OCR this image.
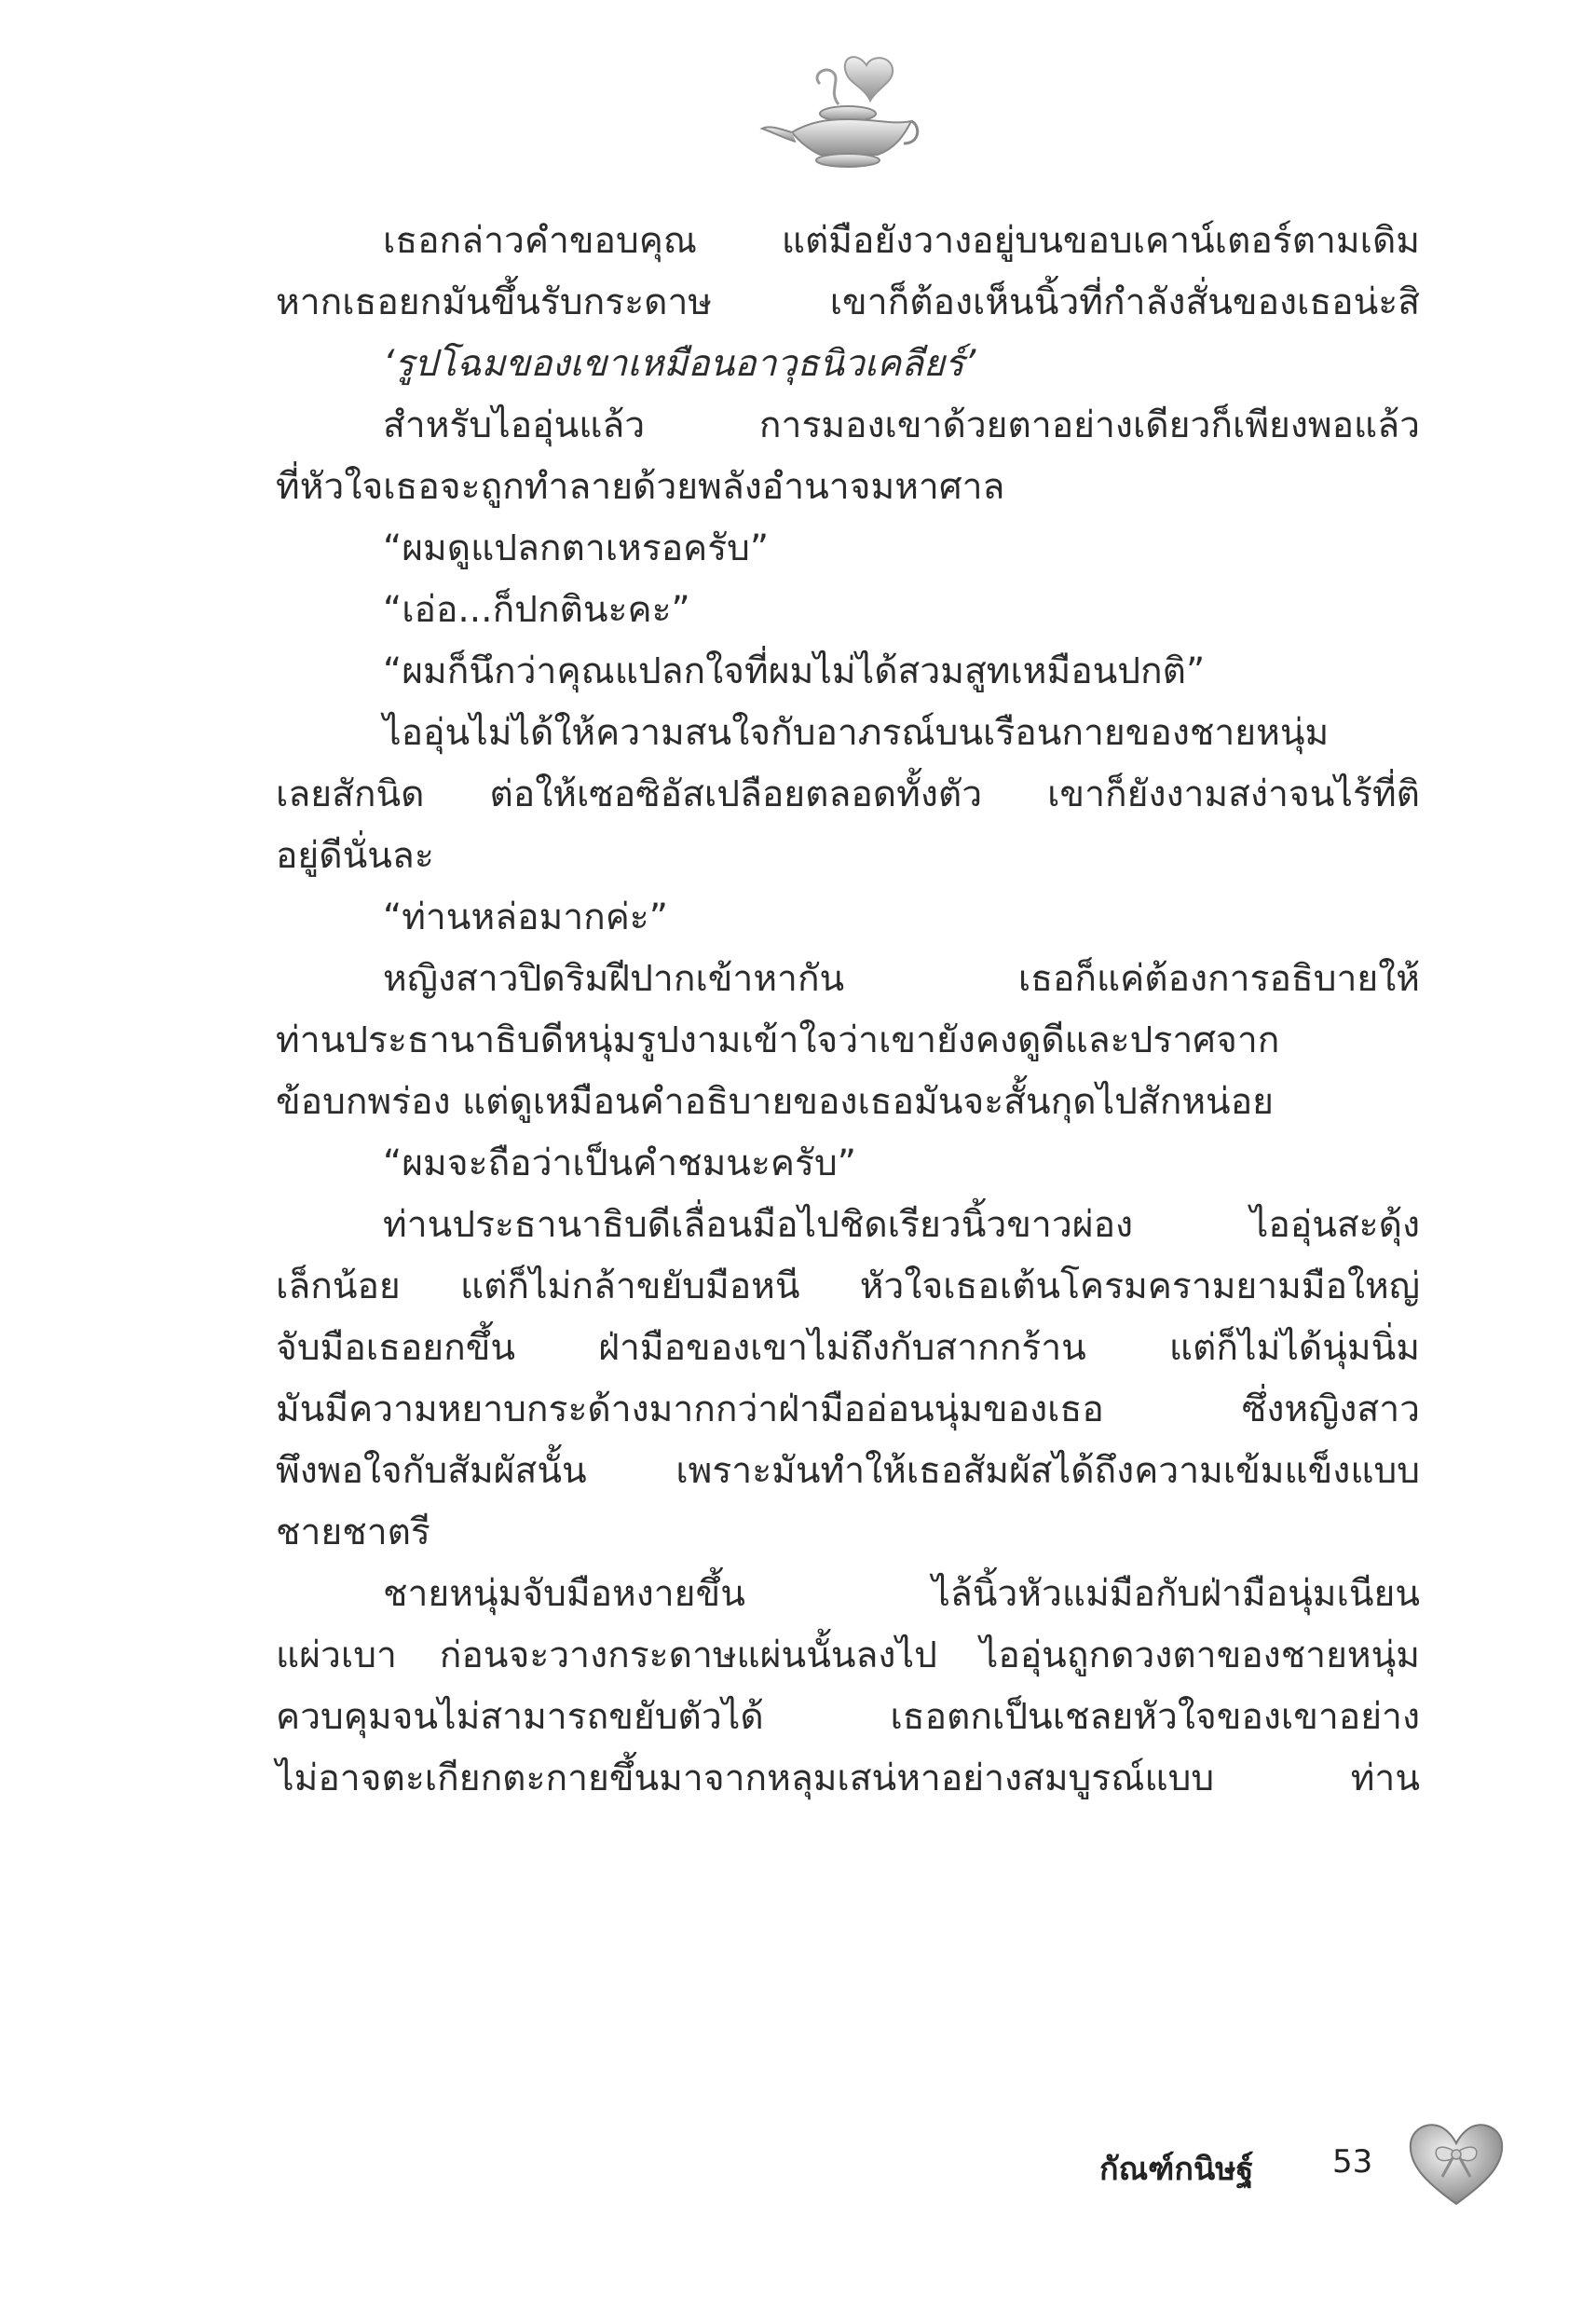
เธอกล่าวคำขอบคุณ แต่มือยังวางอยู่บนขอบเคาน์เตอร์ตามเดิม

หากเธอยกมันขึ้นรับกระดาษ เขาก็ต้องเห็นนิ้วที่กำลังสั่นของเธอน่ะสิ

‘รูปโฉมของเขาเหมือนอาวุธนิวเคลียร์’

สำหรับไออุ่นแล้ว การมองเขาด้วยตาอย่างเดียวก็เพียงพอแล้ว

ที่หัวใจเธอจะถูกทำลายด้วยพลังอำนาจมหาศาล

“ผมดูแปลกตาเหรอครับ”

“เอ่อ...ก็ปกตินะคะ”

“ผมก็นึกว่าคุณแปลกใจที่ผมไม่ได้สวมสูทเหมือนปกติ”

ไออุ่นไม่ได้ให้ความสนใจกับอาภรณ์บนเรือนกายของชายหนุ่ม

เลยสักนิด ต่อให้เซอซิอัสเปลือยตลอดทั้งตัว เขาก็ยังงามสง่าจนไร้ที่ติ

อยู่ดีนั่นละ

“ท่านหล่อมากค่ะ”

หญิงสาวปิดริมฝีปากเข้าหากัน เธอก็แค่ต้องการอธิบายให้

ท่านประธานาธิบดีหนุ่มรูปงามเข้าใจว่าเขายังคงดูดีและปราศจาก

ข้อบกพร่อง แต่ดูเหมือนคำอธิบายของเธอมันจะสั้นกุดไปสักหน่อย

“ผมจะถือว่าเป็นคำชมนะครับ”

ท่านประธานาธิบดีเลื่อนมือไปชิดเรียวนิ้วขาวผ่อง ไออุ่นสะดุ้ง

เล็กน้อย แต่ก็ไม่กล้าขยับมือหนี หัวใจเธอเต้นโครมครามยามมือใหญ่

จับมือเธอยกขึ้น ฝ่ามือของเขาไม่ถึงกับสากกร้าน แต่ก็ไม่ได้นุ่มนิ่ม

มันมีความหยาบกระด้างมากกว่าฝ่ามืออ่อนนุ่มของเธอ ซึ่งหญิงสาว

พึงพอใจกับสัมผัสนั้น เพราะมันทำให้เธอสัมผัสได้ถึงความเข้มแข็งแบบ

ชายชาตรี

ชายหนุ่มจับมือหงายขึ้น ไล้นิ้วหัวแม่มือกับฝ่ามือนุ่มเนียน

แผ่วเบา ก่อนจะวางกระดาษแผ่นนั้นลงไป ไออุ่นถูกดวงตาของชายหนุ่ม

ควบคุมจนไม่สามารถขยับตัวได้ เธอตกเป็นเชลยหัวใจของเขาอย่าง

ไม่อาจตะเกียกตะกายขึ้นมาจากหลุมเสน่หาอย่างสมบูรณ์แบบ ท่าน

กัณฑ์กนิษฐ์ 53
